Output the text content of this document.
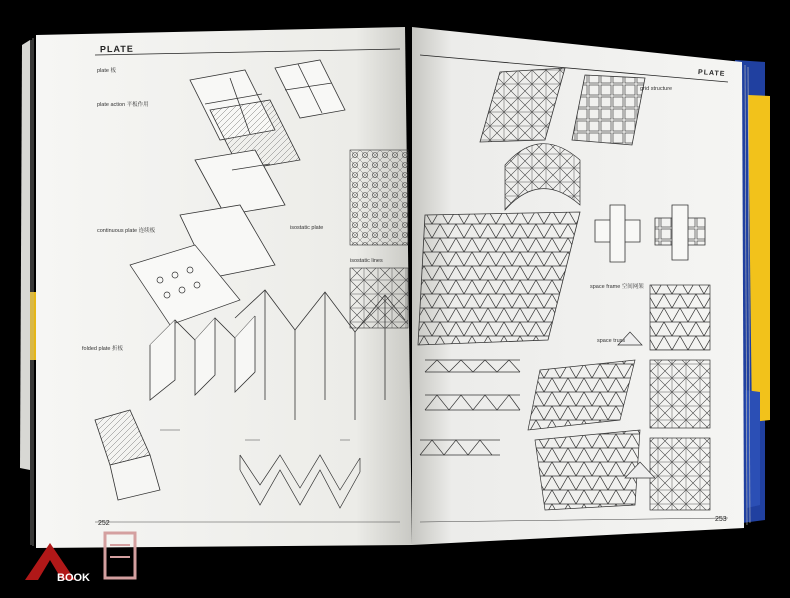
PLATE
PLATE
252
253
plate 板
plate action 平板作用
continuous plate 连续板	isostatic plate
isostatic lines
folded plate 折板
grid structure
space frame 空间网架
space truss
BOOK
